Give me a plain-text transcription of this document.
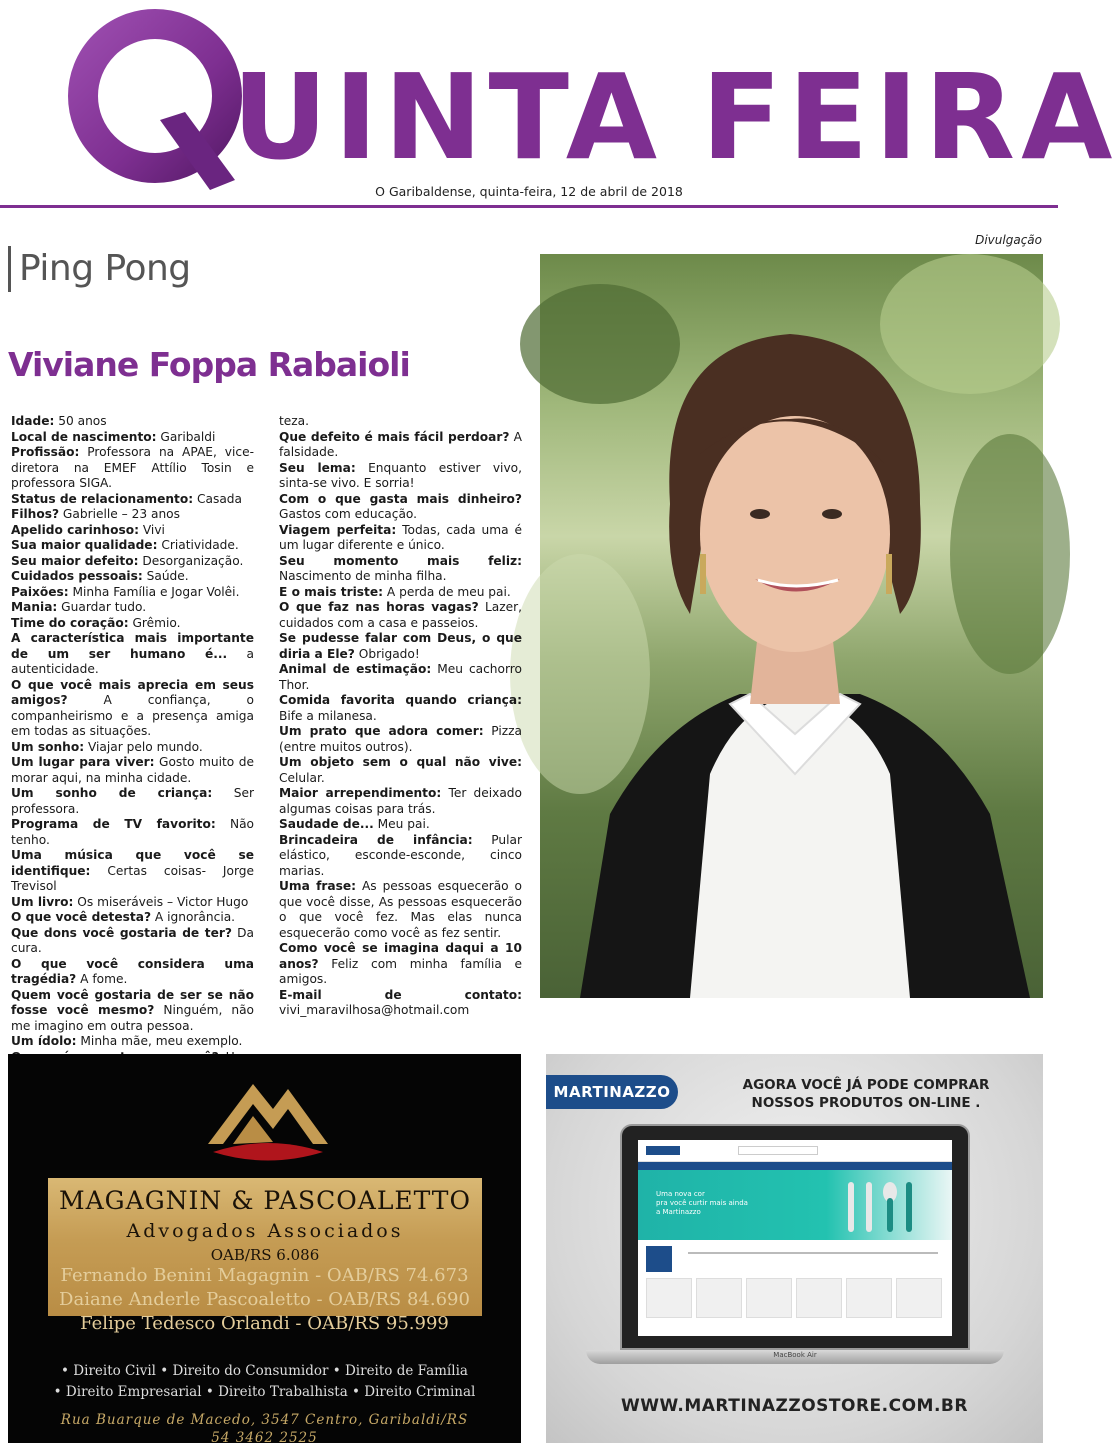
UINTA FEIRA
O Garibaldense, quinta-feira, 12 de abril de 2018
Ping Pong
Divulgação
Viviane Foppa Rabaioli

Idade: 50 anos

Local de nascimento: Garibaldi

Profissão: Professora na APAE, vice-diretora na EMEF Attílio Tosin e professora SIGA.

Status de relacionamento: Casada

Filhos? Gabrielle – 23 anos

Apelido carinhoso: Vivi

Sua maior qualidade: Criatividade.

Seu maior defeito: Desorganização.

Cuidados pessoais: Saúde.

Paixões: Minha Família e Jogar Volêi.

Mania: Guardar tudo.

Time do coração: Grêmio.

A característica mais importante de um ser humano é... a autenticidade.

O que você mais aprecia em seus amigos? A confiança, o companheirismo e a presença amiga em todas as situações.

Um sonho: Viajar pelo mundo.

Um lugar para viver: Gosto muito de morar aqui, na minha cidade.

Um sonho de criança: Ser professora.

Programa de TV favorito: Não tenho.

Uma música que você se identifique: Certas coisas- Jorge Trevisol

Um livro: Os miseráveis – Victor Hugo

O que você detesta? A ignorância.

Que dons você gostaria de ter? Da cura.

O que você considera uma tragédia? A fome.

Quem você gostaria de ser se não fosse você mesmo? Ninguém, não me imagino em outra pessoa.

Um ídolo: Minha mãe, meu exemplo.

teza.

Que defeito é mais fácil perdoar? A falsidade.

Seu lema: Enquanto estiver vivo, sinta-se vivo. E sorria!

Com o que gasta mais dinheiro? Gastos com educação.

Viagem perfeita: Todas, cada uma é um lugar diferente e único.

Seu momento mais feliz: Nascimento de minha filha.

E o mais triste: A perda de meu pai.

O que faz nas horas vagas? Lazer, cuidados com a casa e passeios.

Se pudesse falar com Deus, o que diria a Ele? Obrigado!

Animal de estimação: Meu cachorro Thor.

Comida favorita quando criança: Bife a milanesa.

Um prato que adora comer: Pizza (entre muitos outros).

Um objeto sem o qual não vive: Celular.

Maior arrependimento: Ter deixado algumas coisas para trás.

Saudade de... Meu pai.

Brincadeira de infância: Pular elástico, esconde-esconde, cinco marias.

Uma frase: As pessoas esquecerão o que você disse, As pessoas esquecerão o que você fez. Mas elas nunca esquecerão como você as fez sentir.

Como você se imagina daqui a 10 anos? Feliz com minha família e amigos.

E-mail de contato: vivi_maravilhosa@hotmail.com

MAGAGNIN & PASCOALETTO
Advogados Associados
OAB/RS 6.086
Fernando Benini Magagnin - OAB/RS 74.673
Daiane Anderle Pascoaletto - OAB/RS 84.690
Felipe Tedesco Orlandi - OAB/RS 95.999
• Direito Civil • Direito do Consumidor • Direito de Família
• Direito Empresarial • Direito Trabalhista • Direito Criminal
Rua Buarque de Macedo, 3547 Centro, Garibaldi/RS
54 3462 2525
MARTINAZZO	AGORA VOCÊ JÁ PODE COMPRAR
NOSSOS PRODUTOS ON-LINE .
Uma nova cor
pra você curtir mais ainda
a Martinazzo
MacBook Air
WWW.MARTINAZZOSTORE.COM.BR
